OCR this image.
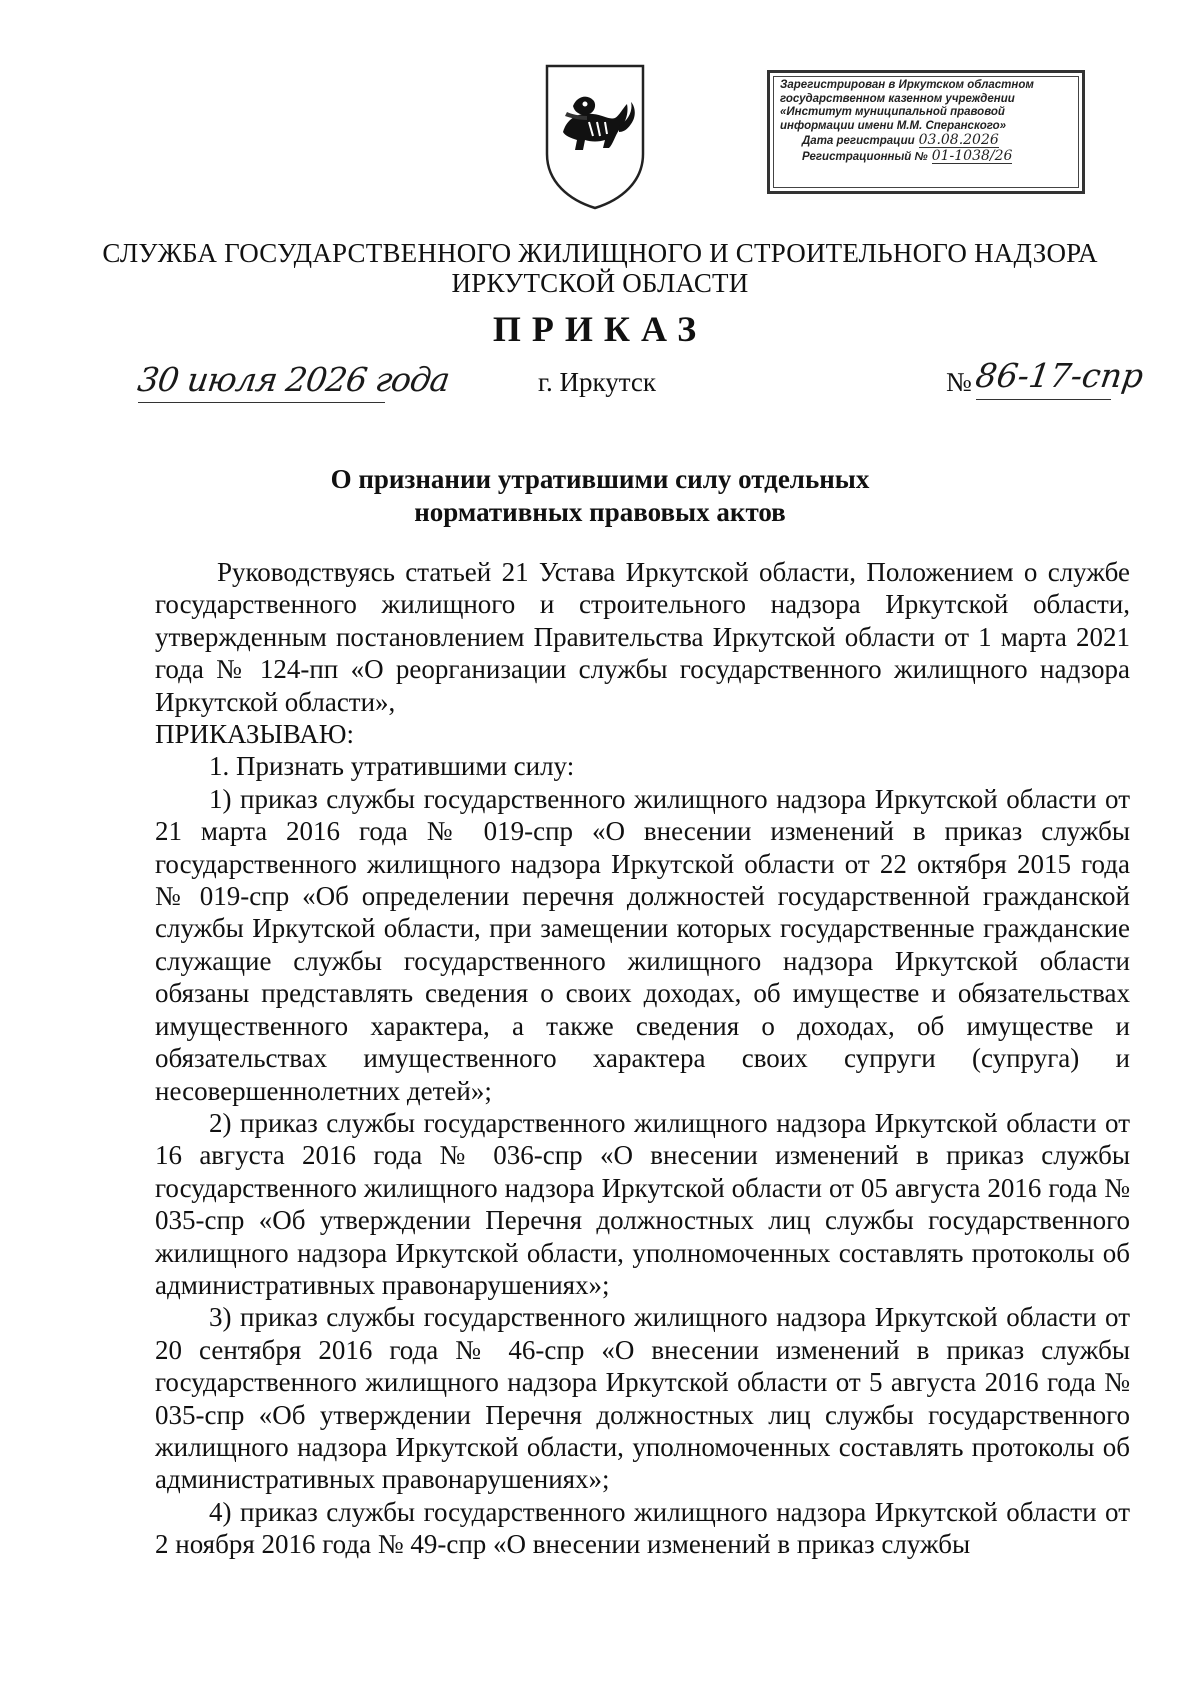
Зарегистрирован в Иркутском областном
государственном казенном учреждении
«Институт муниципальной правовой
информации имени М.М. Сперанского»
Дата регистрации 03.08.2026
Регистрационный № 01-1038/26
СЛУЖБА ГОСУДАРСТВЕННОГО ЖИЛИЩНОГО И СТРОИТЕЛЬНОГО НАДЗОРА
ИРКУТСКОЙ ОБЛАСТИ
ПРИКАЗ
30 июля 2026 года	г. Иркутск	№ 86-17-спр
О признании утратившими силу отдельных
нормативных правовых актов

Руководствуясь статьей 21 Устава Иркутской области, Положением о службе государственного жилищного и строительного надзора Иркутской области, утвержденным постановлением Правительства Иркутской области от 1 марта 2021 года № 124-пп «О реорганизации службы государственного жилищного надзора Иркутской области»,

ПРИКАЗЫВАЮ:

1. Признать утратившими силу:

1) приказ службы государственного жилищного надзора Иркутской области от 21 марта 2016 года № 019-спр «О внесении изменений в приказ службы государственного жилищного надзора Иркутской области от 22 октября 2015 года № 019-спр «Об определении перечня должностей государственной гражданской службы Иркутской области, при замещении которых государственные гражданские служащие службы государственного жилищного надзора Иркутской области обязаны представлять сведения о своих доходах, об имуществе и обязательствах имущественного характера, а также сведения о доходах, об имуществе и обязательствах имущественного характера своих супруги (супруга) и несовершеннолетних детей»;

2) приказ службы государственного жилищного надзора Иркутской области от 16 августа 2016 года № 036-спр «О внесении изменений в приказ службы государственного жилищного надзора Иркутской области от 05 августа 2016 года № 035-спр «Об утверждении Перечня должностных лиц службы государственного жилищного надзора Иркутской области, уполномоченных составлять протоколы об административных правонарушениях»;

3) приказ службы государственного жилищного надзора Иркутской области от 20 сентября 2016 года № 46-спр «О внесении изменений в приказ службы государственного жилищного надзора Иркутской области от 5 августа 2016 года № 035-спр «Об утверждении Перечня должностных лиц службы государственного жилищного надзора Иркутской области, уполномоченных составлять протоколы об административных правонарушениях»;

4) приказ службы государственного жилищного надзора Иркутской области от 2 ноября 2016 года № 49-спр «О внесении изменений в приказ службы
